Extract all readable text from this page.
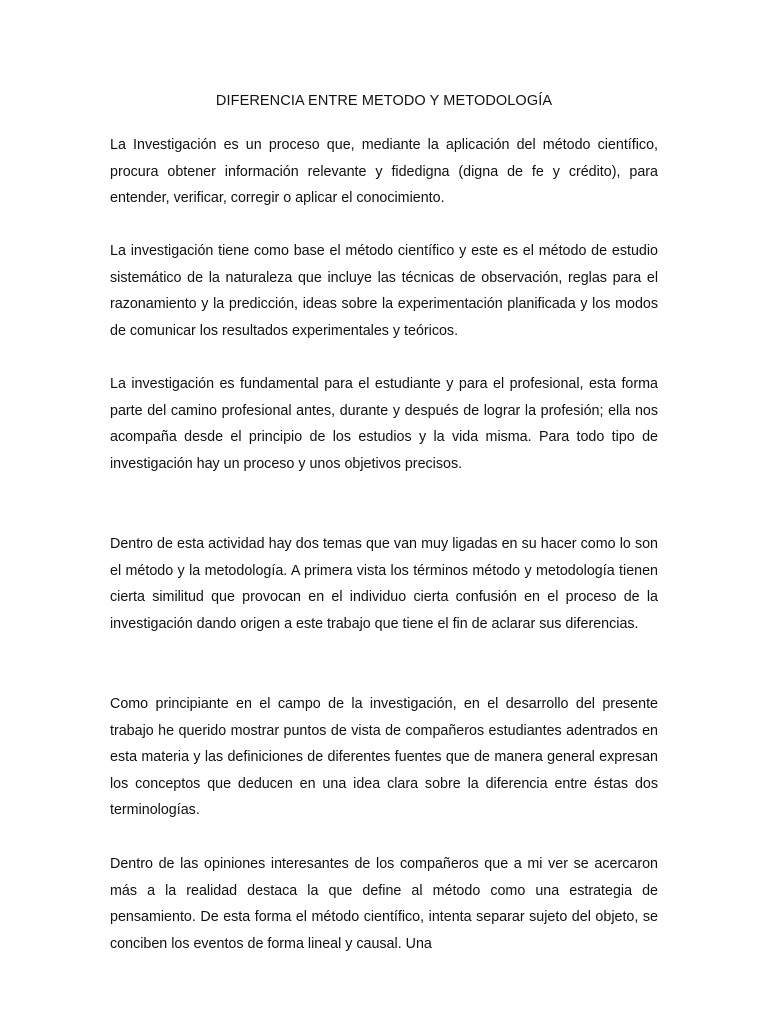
DIFERENCIA ENTRE METODO Y METODOLOGÍA

La Investigación es un proceso que, mediante la aplicación del método científico, procura obtener información relevante y fidedigna (digna de fe y crédito), para entender, verificar, corregir o aplicar el conocimiento.

La investigación tiene como base el método científico y este es el método de estudio sistemático de la naturaleza que incluye las técnicas de observación, reglas para el razonamiento y la predicción, ideas sobre la experimentación planificada y los modos de comunicar los resultados experimentales y teóricos.

La investigación es fundamental para el estudiante y para el profesional, esta forma parte del camino profesional antes, durante y después de lograr la profesión; ella nos acompaña desde el principio de los estudios y la vida misma. Para todo tipo de investigación hay un proceso y unos objetivos precisos.

Dentro de esta actividad hay dos temas que van muy ligadas en su hacer como lo son el método y la metodología. A primera vista los términos método y metodología tienen cierta similitud que provocan en el individuo cierta confusión en el proceso de la investigación dando origen a este trabajo que tiene el fin de aclarar sus diferencias.

Como principiante en el campo de la investigación, en el desarrollo del presente trabajo he querido mostrar puntos de vista de compañeros estudiantes adentrados en esta materia y las definiciones de diferentes fuentes que de manera general expresan los conceptos que deducen en una idea clara sobre la diferencia entre éstas dos terminologías.

Dentro de las opiniones interesantes de los compañeros que a mi ver se acercaron más a la realidad destaca la que define al método como una estrategia de pensamiento. De esta forma el método científico, intenta separar sujeto del objeto, se conciben los eventos de forma lineal y causal. Una
